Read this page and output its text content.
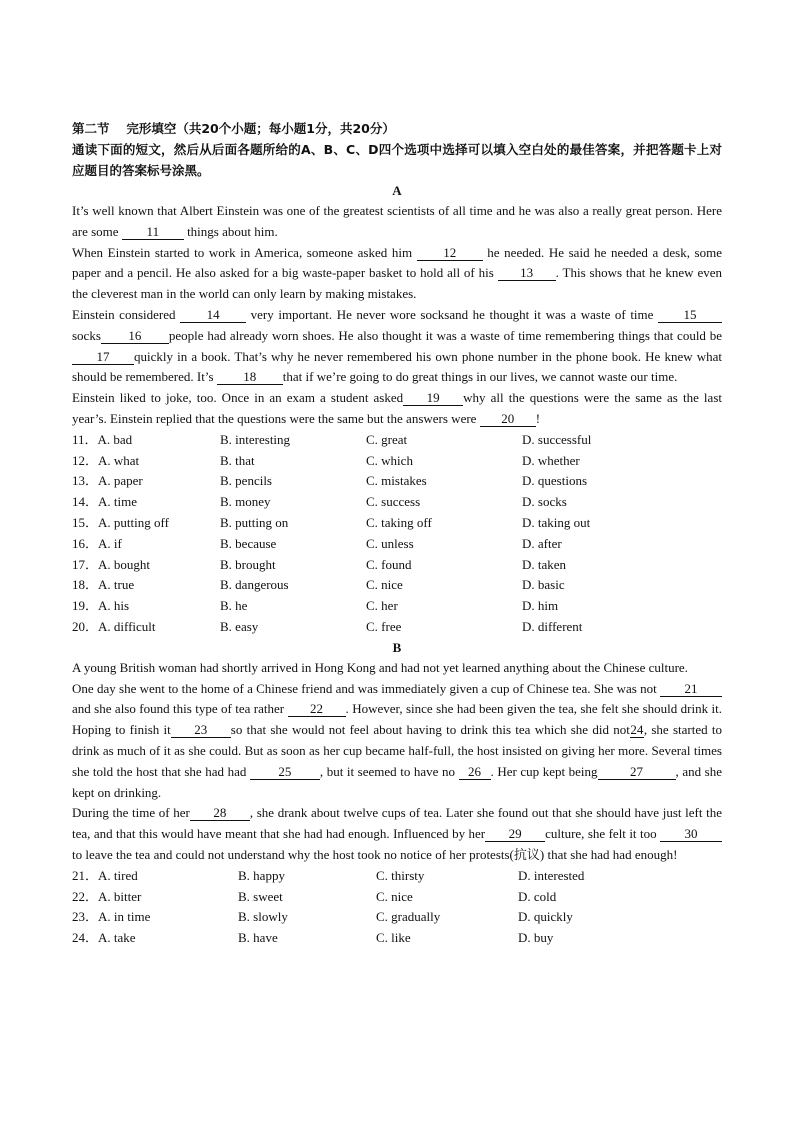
第二节　 完形填空（共20个小题；每小题1分，共20分）
通读下面的短文，然后从后面各题所给的A、B、C、D四个选项中选择可以填入空白处的最佳答案，并把答题卡上对应题目的答案标号涂黑。
A
It’s well known that Albert Einstein was one of the greatest scientists of all time and he was also a really great person. Here are some 11 things about him.
When Einstein started to work in America, someone asked him 12 he needed. He said he needed a desk, some paper and a pencil. He also asked for a big waste-paper basket to hold all of his 13 . This shows that he knew even the cleverest man in the world can only learn by making mistakes.
Einstein considered 14 very important. He never wore socksand he thought it was a waste of time 15 socks 16 people had already worn shoes. He also thought it was a waste of time remembering things that could be 17 quickly in a book. That’s why he never remembered his own phone number in the phone book. He knew what should be remembered. It’s 18 that if we’re going to do great things in our lives, we cannot waste our time.
Einstein liked to joke, too. Once in an exam a student asked 19 why all the questions were the same as the last year’s. Einstein replied that the questions were the same but the answers were 20 !
11．A. bad	B. interesting	C. great	D. successful
12．A. what	B. that	C. which	D. whether
13．A. paper	B. pencils	C. mistakes	D. questions
14．A. time	B. money	C. success	D. socks
15．A. putting off	B. putting on	C. taking off	D. taking out
16．A. if	B. because	C. unless	D. after
17．A. bought	B. brought	C. found	D. taken
18．A. true	B. dangerous	C. nice	D. basic
19．A. his	B. he	C. her	D. him
20．A. difficult	B. easy	C. free	D. different
B
A young British woman had shortly arrived in Hong Kong and had not yet learned anything about the Chinese culture.
One day she went to the home of a Chinese friend and was immediately given a cup of Chinese tea. She was not 21and she also found this type of tea rather 22 . However, since she had been given the tea, she felt she should drink it. Hoping to finish it 23 so that she would not feel about having to drink this tea which she did not24, she started to drink as much of it as she could. But as soon as her cup became half-full, the host insisted on giving her more. Several times she told the host that she had had 25 , but it seemed to have no 26 . Her cup kept being	27	, and she kept on drinking.
During the time of her 28 , she drank about twelve cups of tea. Later she found out that she should have just left the tea, and that this would have meant that she had had enough. Influenced by her 29 culture, she felt it too 30to leave the tea and could not understand why the host took no notice of her protests(抗议) that she had had enough!
21．A. tired	B. happy	C. thirsty	D. interested
22．A. bitter	B. sweet	C. nice	D. cold
23．A. in time	B. slowly	C. gradually	D. quickly
24．A. take	B. have	C. like	D. buy
